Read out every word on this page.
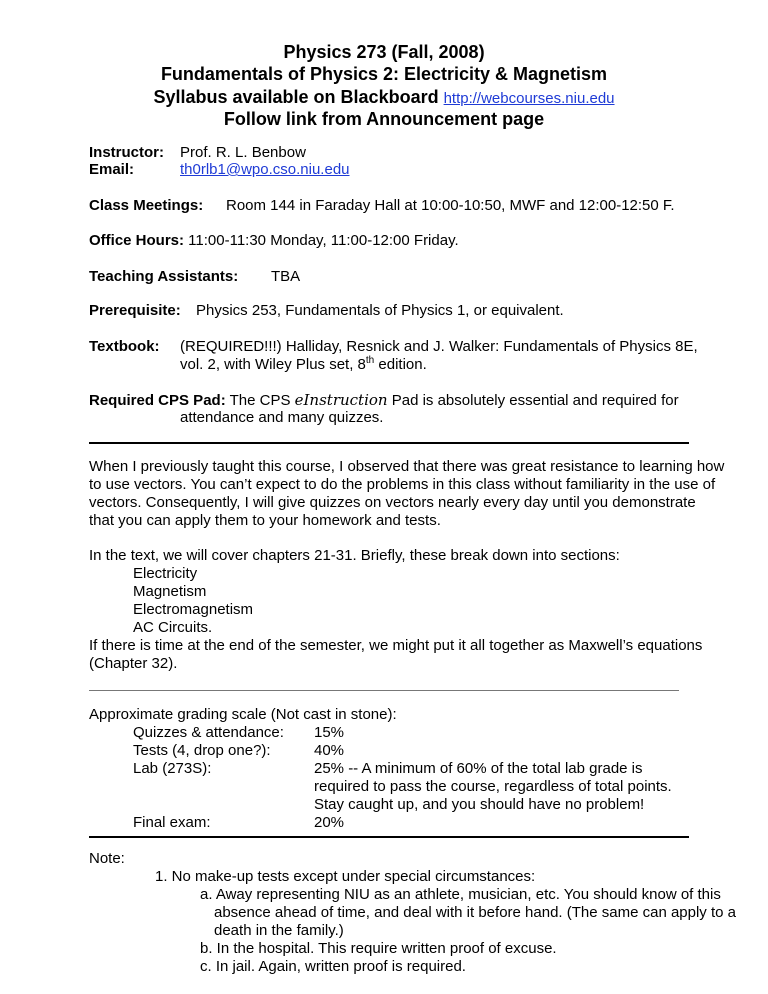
Physics 273 (Fall, 2008)
Fundamentals of Physics 2: Electricity & Magnetism
Syllabus available on Blackboard http://webcourses.niu.edu
Follow link from Announcement page
Instructor: Prof. R. L. Benbow
Email:	th0rlb1@wpo.cso.niu.edu
Class Meetings: Room 144 in Faraday Hall at 10:00-10:50, MWF and 12:00-12:50 F.
Office Hours: 11:00-11:30 Monday, 11:00-12:00 Friday.
Teaching Assistants: TBA
Prerequisite: Physics 253, Fundamentals of Physics 1, or equivalent.
Textbook: (REQUIRED!!!) Halliday, Resnick and J. Walker: Fundamentals of Physics 8E,
vol. 2, with Wiley Plus set, 8th edition.
Required CPS Pad: The CPS eInstruction Pad is absolutely essential and required for
attendance and many quizzes.
When I previously taught this course, I observed that there was great resistance to learning how
to use vectors. You can’t expect to do the problems in this class without familiarity in the use of
vectors. Consequently, I will give quizzes on vectors nearly every day until you demonstrate
that you can apply them to your homework and tests.
In the text, we will cover chapters 21-31. Briefly, these break down into sections:
Electricity
Magnetism
Electromagnetism
AC Circuits.
If there is time at the end of the semester, we might put it all together as Maxwell’s equations
(Chapter 32).
Approximate grading scale (Not cast in stone):
Quizzes & attendance: 15%
Tests (4, drop one?):	40%
Lab (273S):	25% -- A minimum of 60% of the total lab grade is
required to pass the course, regardless of total points.
Stay caught up, and you should have no problem!
Final exam:	20%
Note:
1. No make-up tests except under special circumstances:
a. Away representing NIU as an athlete, musician, etc. You should know of this
absence ahead of time, and deal with it before hand. (The same can apply to a
death in the family.)
b. In the hospital. This require written proof of excuse.
c. In jail. Again, written proof is required.
